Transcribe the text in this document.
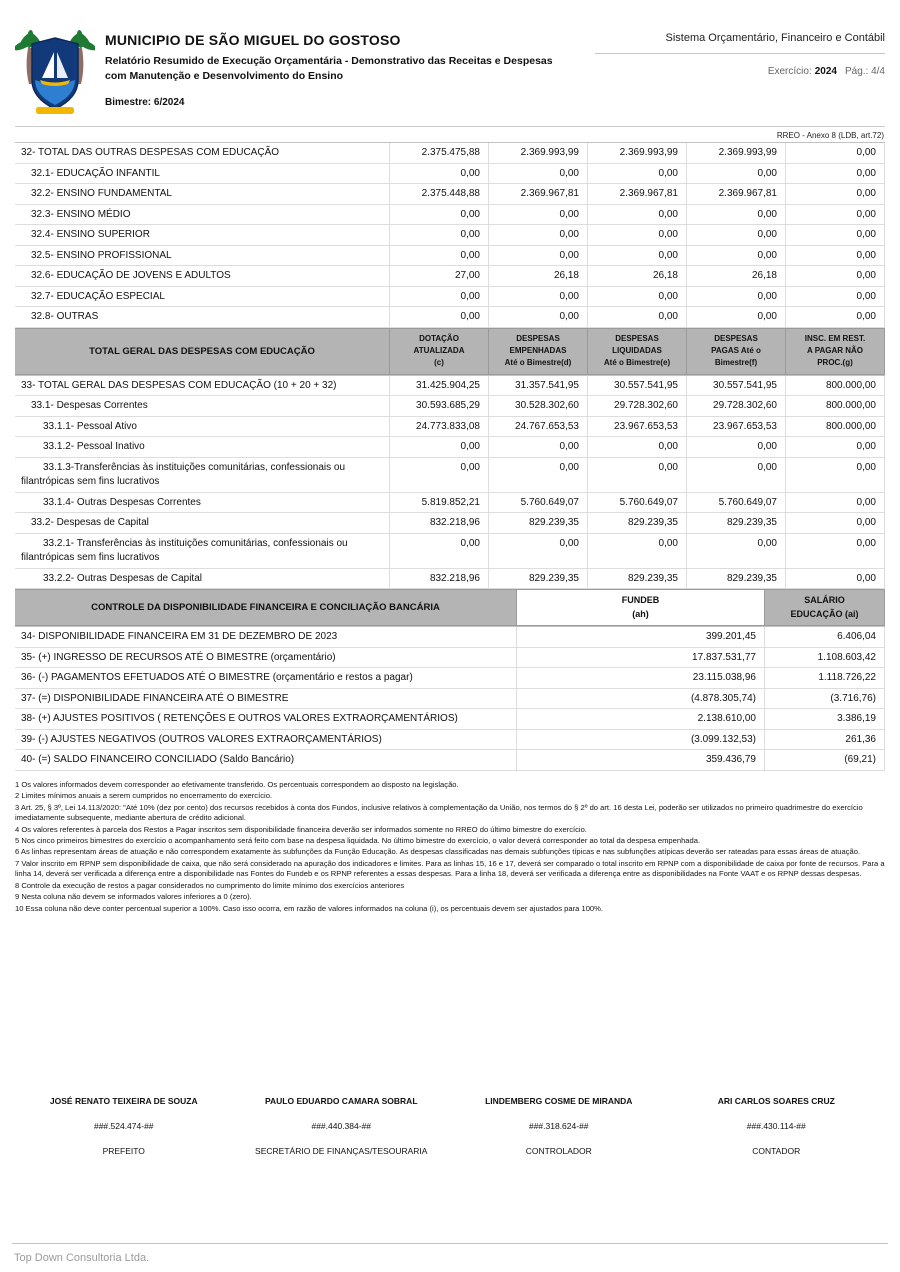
MUNICIPIO DE SÃO MIGUEL DO GOSTOSO
Relatório Resumido de Execução Orçamentária - Demonstrativo das Receitas e Despesas
com Manutenção e Desenvolvimento do Ensino
Bimestre: 6/2024
Sistema Orçamentário, Financeiro e Contábil
Exercício: 2024 Pág.: 4/4
RREO - Anexo 8 (LDB, art.72)
32- TOTAL DAS OUTRAS DESPESAS COM EDUCAÇÃO	2.375.475,88	2.369.993,99	2.369.993,99	2.369.993,99	0,00
32.1- EDUCAÇÃO INFANTIL	0,00	0,00	0,00	0,00	0,00
32.2- ENSINO FUNDAMENTAL	2.375.448,88	2.369.967,81	2.369.967,81	2.369.967,81	0,00
32.3- ENSINO MÉDIO	0,00	0,00	0,00	0,00	0,00
32.4- ENSINO SUPERIOR	0,00	0,00	0,00	0,00	0,00
32.5- ENSINO PROFISSIONAL	0,00	0,00	0,00	0,00	0,00
32.6- EDUCAÇÃO DE JOVENS E ADULTOS	27,00	26,18	26,18	26,18	0,00
32.7- EDUCAÇÃO ESPECIAL	0,00	0,00	0,00	0,00	0,00
32.8- OUTRAS	0,00	0,00	0,00	0,00	0,00
TOTAL GERAL DAS DESPESAS COM EDUCAÇÃO
DOTAÇÃO
ATUALIZADA
(c)
DESPESAS
EMPENHADAS
Até o Bimestre(d)
DESPESAS
LIQUIDADAS
Até o Bimestre(e)
DESPESAS
PAGAS Até o
Bimestre(f)
INSC. EM REST.
A PAGAR NÃO
PROC.(g)
33- TOTAL GERAL DAS DESPESAS COM EDUCAÇÃO (10 + 20 + 32)	31.425.904,25	31.357.541,95	30.557.541,95	30.557.541,95	800.000,00
33.1- Despesas Correntes	30.593.685,29	30.528.302,60	29.728.302,60	29.728.302,60	800.000,00
33.1.1- Pessoal Ativo	24.773.833,08	24.767.653,53	23.967.653,53	23.967.653,53	800.000,00
33.1.2- Pessoal Inativo	0,00	0,00	0,00	0,00	0,00
33.1.3-Transferências às instituições comunitárias, confessionais ou filantrópicas sem fins lucrativos
0,00	0,00	0,00	0,00	0,00
33.1.4- Outras Despesas Correntes	5.819.852,21	5.760.649,07	5.760.649,07	5.760.649,07	0,00
33.2- Despesas de Capital	832.218,96	829.239,35	829.239,35	829.239,35	0,00
33.2.1- Transferências às instituições comunitárias, confessionais ou filantrópicas sem fins lucrativos
0,00	0,00	0,00	0,00	0,00
33.2.2- Outras Despesas de Capital	832.218,96	829.239,35	829.239,35	829.239,35	0,00
CONTROLE DA DISPONIBILIDADE FINANCEIRA E CONCILIAÇÃO BANCÁRIA
FUNDEB
(ah)
SALÁRIO
EDUCAÇÃO (ai)
34- DISPONIBILIDADE FINANCEIRA EM 31 DE DEZEMBRO DE 2023	399.201,45	6.406,04
35- (+) INGRESSO DE RECURSOS ATÉ O BIMESTRE (orçamentário)	17.837.531,77	1.108.603,42
36- (-) PAGAMENTOS EFETUADOS ATÉ O BIMESTRE (orçamentário e restos a pagar)	23.115.038,96	1.118.726,22
37- (=) DISPONIBILIDADE FINANCEIRA ATÉ O BIMESTRE	(4.878.305,74)	(3.716,76)
38- (+) AJUSTES POSITIVOS ( RETENÇÕES E OUTROS VALORES EXTRAORÇAMENTÁRIOS)	2.138.610,00	3.386,19
39- (-) AJUSTES NEGATIVOS (OUTROS VALORES EXTRAORÇAMENTÁRIOS)	(3.099.132,53)	261,36
40- (=) SALDO FINANCEIRO CONCILIADO (Saldo Bancário)	359.436,79	(69,21)
1 Os valores informados devem corresponder ao efetivamente transferido. Os percentuais correspondem ao disposto na legislação.
2 Limites mínimos anuais a serem cumpridos no encerramento do exercício.
3 Art. 25, § 3º, Lei 14.113/2020: "Até 10% (dez por cento) dos recursos recebidos à conta dos Fundos, inclusive relativos à complementação da União, nos termos do § 2º do art. 16 desta Lei, poderão ser utilizados no primeiro quadrimestre do exercício imediatamente subsequente, mediante abertura de crédito adicional.
4 Os valores referentes à parcela dos Restos a Pagar inscritos sem disponibilidade financeira deverão ser informados somente no RREO do último bimestre do exercício.
5 Nos cinco primeiros bimestres do exercício o acompanhamento será feito com base na despesa liquidada. No último bimestre do exercício, o valor deverá corresponder ao total da despesa empenhada.
6 As linhas representam áreas de atuação e não correspondem exatamente às subfunções da Função Educação. As despesas classificadas nas demais subfunções típicas e nas subfunções atípicas deverão ser rateadas para essas áreas de atuação.
7 Valor inscrito em RPNP sem disponibilidade de caixa, que não será considerado na apuração dos indicadores e limites. Para as linhas 15, 16 e 17, deverá ser comparado o total inscrito em RPNP com a disponibilidade de caixa por fonte de recursos. Para a linha 14, deverá ser verificada a diferença entre a disponibilidade nas Fontes do Fundeb e os RPNP referentes a essas despesas. Para a linha 18, deverá ser verificada a diferença entre as disponibilidades na Fonte VAAT e os RPNP dessas despesas.
8 Controle da execução de restos a pagar considerados no cumprimento do limite mínimo dos exercícios anteriores
9 Nesta coluna não devem se informados valores inferiores a 0 (zero).
10 Essa coluna não deve conter percentual superior a 100%. Caso isso ocorra, em razão de valores informados na coluna (i), os percentuais devem ser ajustados para 100%.
JOSÉ RENATO TEIXEIRA DE SOUZA
###.524.474-##
PREFEITO
PAULO EDUARDO CAMARA SOBRAL
###.440.384-##
SECRETÁRIO DE FINANÇAS/TESOURARIA
LINDEMBERG COSME DE MIRANDA
###.318.624-##
CONTROLADOR
ARI CARLOS SOARES CRUZ
###.430.114-##
CONTADOR
Top Down Consultoria Ltda.
